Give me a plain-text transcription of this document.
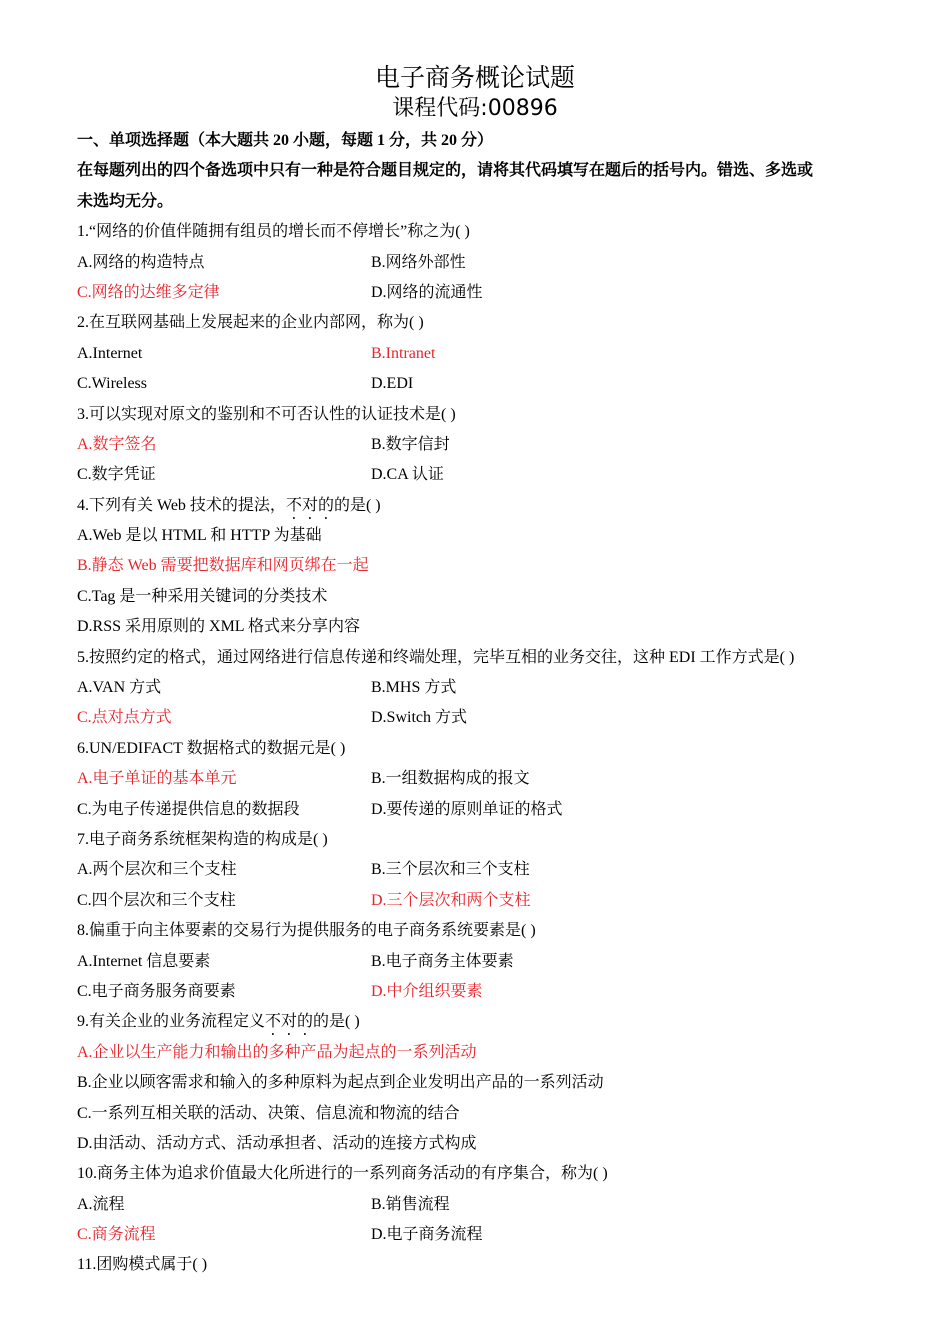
电子商务概论试题
课程代码:00896
一、单项选择题（本大题共 20 小题，每题 1 分，共 20 分）
在每题列出的四个备选项中只有一种是符合题目规定的，请将其代码填写在题后的括号内。错选、多选或
未选均无分。
1.“网络的价值伴随拥有组员的增长而不停增长”称之为( )
A.网络的构造特点	B.网络外部性
C.网络的达维多定律	D.网络的流通性
2.在互联网基础上发展起来的企业内部网，称为( )
A.Internet	B.Intranet
C.Wireless	D.EDI
3.可以实现对原文的鉴别和不可否认性的认证技术是( )
A.数字签名	B.数字信封
C.数字凭证	D.CA 认证
4.下列有关 Web 技术的提法，不对的的是( )
A.Web 是以 HTML 和 HTTP 为基础
B.静态 Web 需要把数据库和网页绑在一起
C.Tag 是一种采用关键词的分类技术
D.RSS 采用原则的 XML 格式来分享内容
5.按照约定的格式，通过网络进行信息传递和终端处理，完毕互相的业务交往，这种 EDI 工作方式是( )
A.VAN 方式	B.MHS 方式
C.点对点方式	D.Switch 方式
6.UN/EDIFACT 数据格式的数据元是( )
A.电子单证的基本单元	B.一组数据构成的报文
C.为电子传递提供信息的数据段	D.要传递的原则单证的格式
7.电子商务系统框架构造的构成是( )
A.两个层次和三个支柱	B.三个层次和三个支柱
C.四个层次和三个支柱	D.三个层次和两个支柱
8.偏重于向主体要素的交易行为提供服务的电子商务系统要素是( )
A.Internet 信息要素	B.电子商务主体要素
C.电子商务服务商要素	D.中介组织要素
9.有关企业的业务流程定义不对的的是( )
A.企业以生产能力和输出的多种产品为起点的一系列活动
B.企业以顾客需求和输入的多种原料为起点到企业发明出产品的一系列活动
C.一系列互相关联的活动、决策、信息流和物流的结合
D.由活动、活动方式、活动承担者、活动的连接方式构成
10.商务主体为追求价值最大化所进行的一系列商务活动的有序集合，称为( )
A.流程	B.销售流程
C.商务流程	D.电子商务流程
11.团购模式属于( )
